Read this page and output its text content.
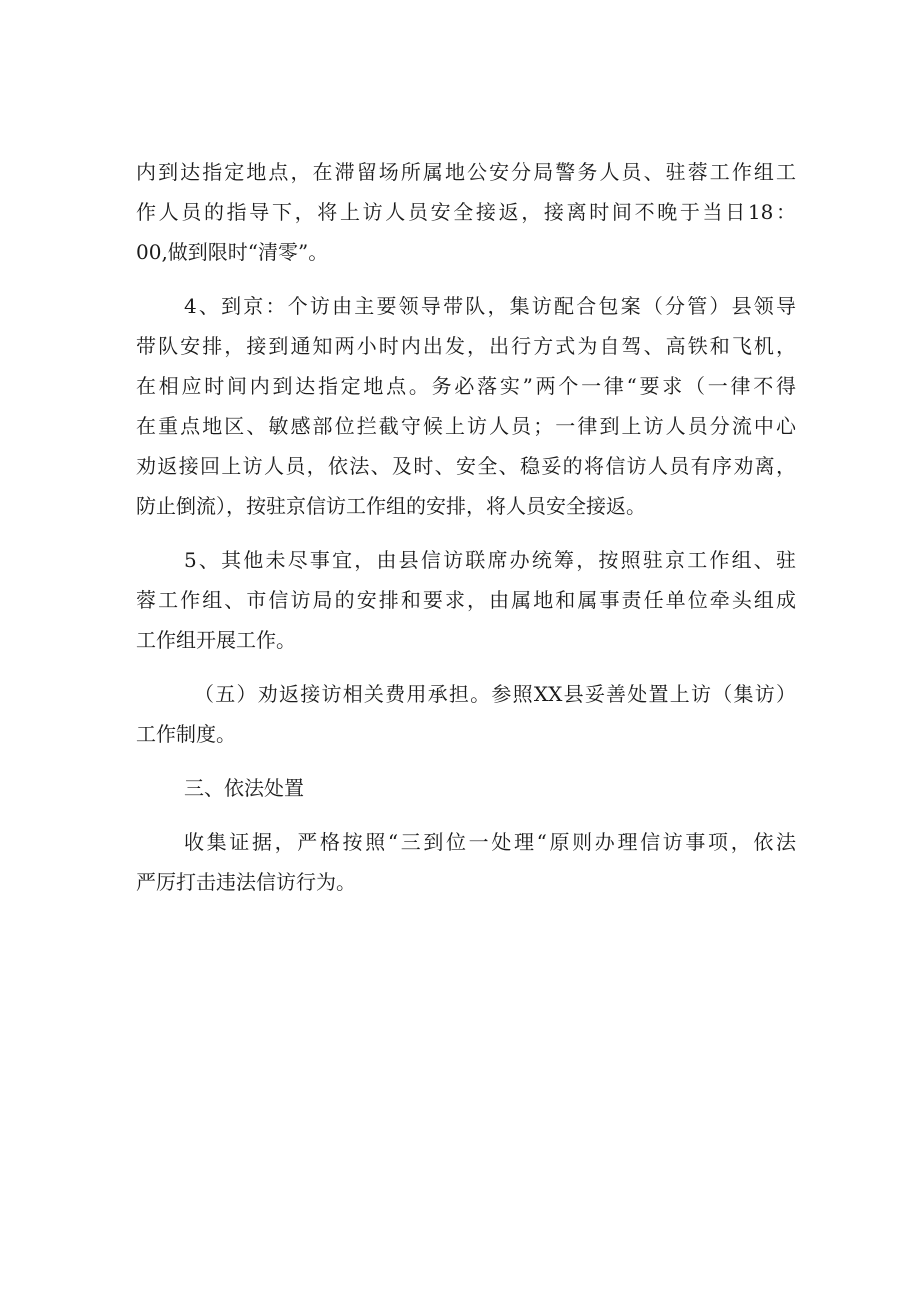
内到达指定地点，在滞留场所属地公安分局警务人员、驻蓉工作组工
作人员的指导下，将上访人员安全接返，接离时间不晚于当日18：
00,做到限时“清零”。
4、到京：个访由主要领导带队，集访配合包案（分管）县领导
带队安排，接到通知两小时内出发，出行方式为自驾、高铁和飞机，
在相应时间内到达指定地点。务必落实”两个一律“要求（一律不得
在重点地区、敏感部位拦截守候上访人员；一律到上访人员分流中心
劝返接回上访人员，依法、及时、安全、稳妥的将信访人员有序劝离，
防止倒流），按驻京信访工作组的安排，将人员安全接返。
5、其他未尽事宜，由县信访联席办统筹，按照驻京工作组、驻
蓉工作组、市信访局的安排和要求，由属地和属事责任单位牵头组成
工作组开展工作。
（五）劝返接访相关费用承担。参照XX县妥善处置上访（集访）
工作制度。
三、依法处置
收集证据，严格按照“三到位一处理“原则办理信访事项，依法
严厉打击违法信访行为。
